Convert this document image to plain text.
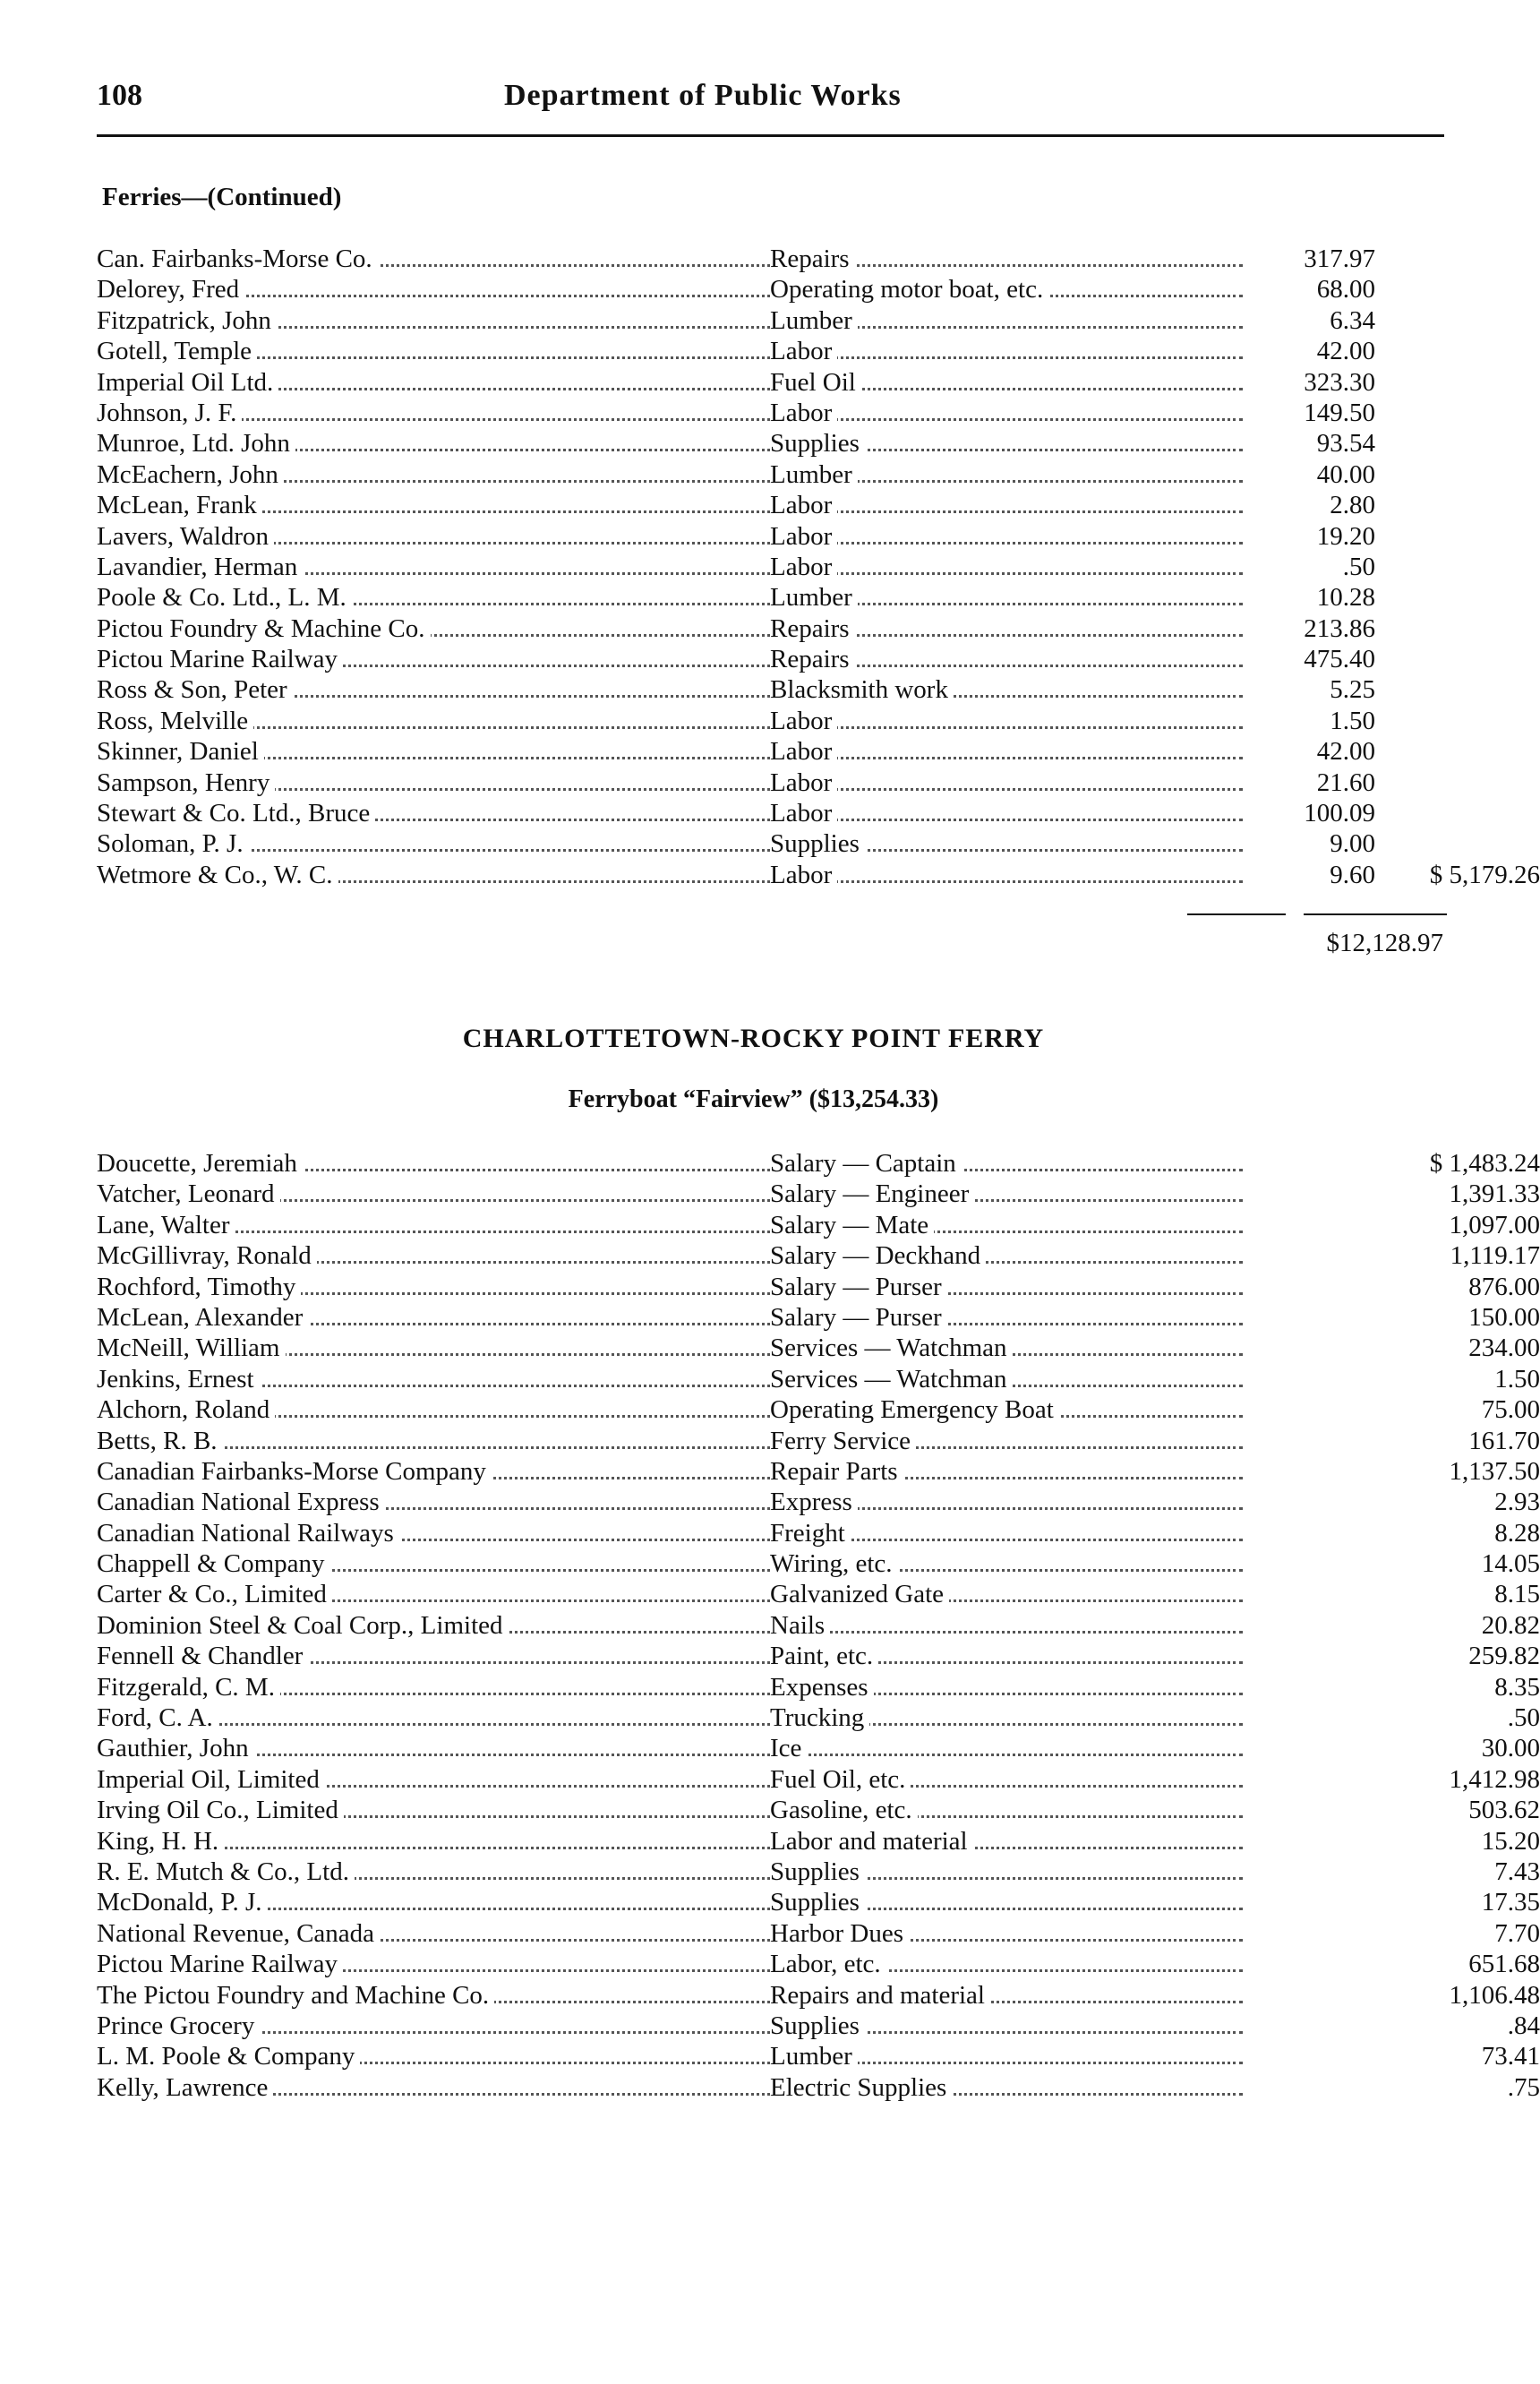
108	Department of Public Works
Ferries—(Continued)
Can. Fairbanks-Morse Co.	Repairs	317.97
Delorey, Fred	Operating motor boat, etc.	68.00
Fitzpatrick, John	Lumber	6.34
Gotell, Temple	Labor	42.00
Imperial Oil Ltd.	Fuel Oil	323.30
Johnson, J. F.	Labor	149.50
Munroe, Ltd. John	Supplies	93.54
McEachern, John	Lumber	40.00
McLean, Frank	Labor	2.80
Lavers, Waldron	Labor	19.20
Lavandier, Herman	Labor	.50
Poole & Co. Ltd., L. M.	Lumber	10.28
Pictou Foundry & Machine Co.	Repairs	213.86
Pictou Marine Railway	Repairs	475.40
Ross & Son, Peter	Blacksmith work	5.25
Ross, Melville	Labor	1.50
Skinner, Daniel	Labor	42.00
Sampson, Henry	Labor	21.60
Stewart & Co. Ltd., Bruce	Labor	100.09
Soloman, P. J.	Supplies	9.00
Wetmore & Co., W. C.	Labor	9.60	$ 5,179.26
$12,128.97
CHARLOTTETOWN-ROCKY POINT FERRY
Ferryboat “Fairview” ($13,254.33)
Doucette, Jeremiah	Salary — Captain	$ 1,483.24
Vatcher, Leonard	Salary — Engineer	1,391.33
Lane, Walter	Salary — Mate	1,097.00
McGillivray, Ronald	Salary — Deckhand	1,119.17
Rochford, Timothy	Salary — Purser	876.00
McLean, Alexander	Salary — Purser	150.00
McNeill, William	Services — Watchman	234.00
Jenkins, Ernest	Services — Watchman	1.50
Alchorn, Roland	Operating Emergency Boat	75.00
Betts, R. B.	Ferry Service	161.70
Canadian Fairbanks-Morse Company	Repair Parts	1,137.50
Canadian National Express	Express	2.93
Canadian National Railways	Freight	8.28
Chappell & Company	Wiring, etc.	14.05
Carter & Co., Limited	Galvanized Gate	8.15
Dominion Steel & Coal Corp., Limited	Nails	20.82
Fennell & Chandler	Paint, etc.	259.82
Fitzgerald, C. M.	Expenses	8.35
Ford, C. A.	Trucking	.50
Gauthier, John	Ice	30.00
Imperial Oil, Limited	Fuel Oil, etc.	1,412.98
Irving Oil Co., Limited	Gasoline, etc.	503.62
King, H. H.	Labor and material	15.20
R. E. Mutch & Co., Ltd.	Supplies	7.43
McDonald, P. J.	Supplies	17.35
National Revenue, Canada	Harbor Dues	7.70
Pictou Marine Railway	Labor, etc.	651.68
The Pictou Foundry and Machine Co.	Repairs and material	1,106.48
Prince Grocery	Supplies	.84
L. M. Poole & Company	Lumber	73.41
Kelly, Lawrence	Electric Supplies	.75
